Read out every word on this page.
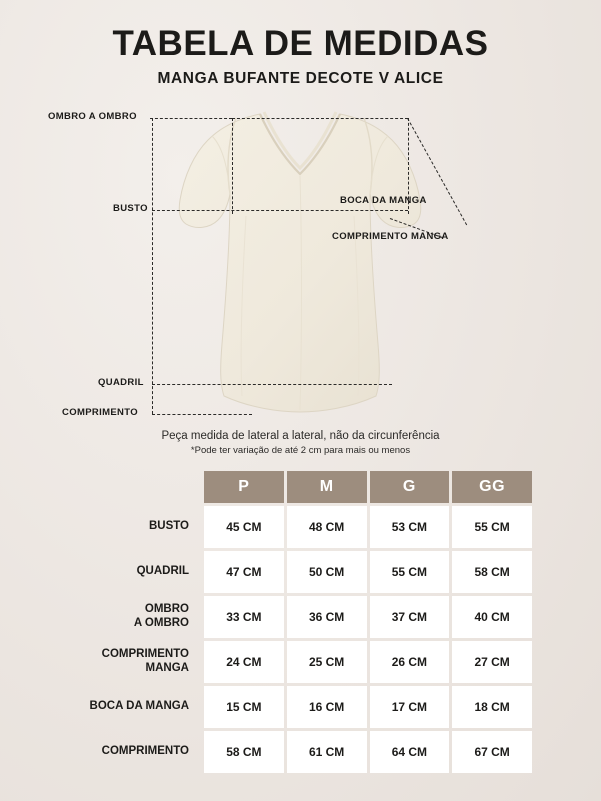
TABELA DE MEDIDAS
MANGA BUFANTE DECOTE V ALICE
OMBRO A OMBRO
BUSTO
BOCA DA MANGA
COMPRIMENTO MANGA
QUADRIL
COMPRIMENTO
Peça medida de lateral a lateral, não da circunferência
*Pode ter variação de até 2 cm para mais ou menos
	P	M	G	GG
BUSTO	45 CM	48 CM	53 CM	55 CM
QUADRIL	47 CM	50 CM	55 CM	58 CM

OMBRO
A OMBRO	33 CM	36 CM	37 CM	40 CM

COMPRIMENTO
MANGA	24 CM	25 CM	26 CM	27 CM
BOCA DA MANGA	15 CM	16 CM	17 CM	18 CM
COMPRIMENTO	58 CM	61 CM	64 CM	67 CM
